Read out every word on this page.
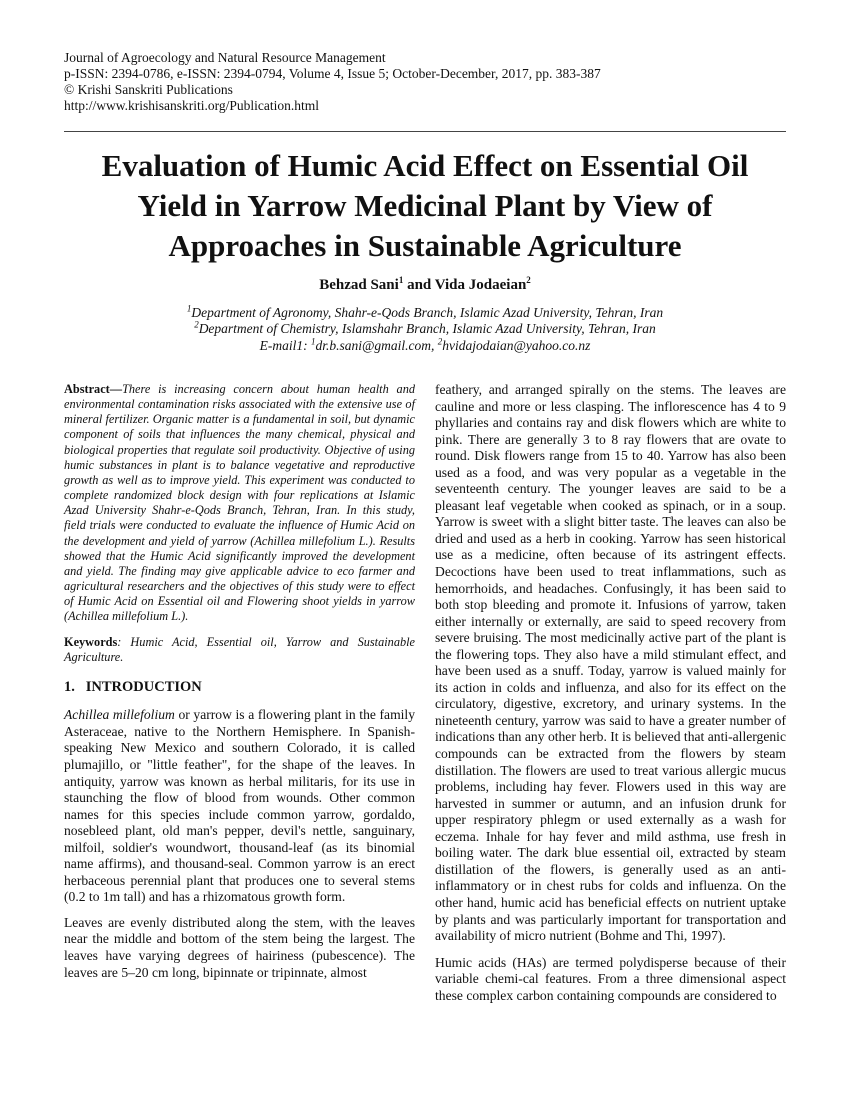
Journal of Agroecology and Natural Resource Management
p-ISSN: 2394-0786, e-ISSN: 2394-0794, Volume 4, Issue 5; October-December, 2017, pp. 383-387
© Krishi Sanskriti Publications
http://www.krishisanskriti.org/Publication.html
Evaluation of Humic Acid Effect on Essential Oil
Yield in Yarrow Medicinal Plant by View of
Approaches in Sustainable Agriculture
Behzad Sani$^1$ and Vida Jodaeian$^2$
$^1$Department of Agronomy, Shahr-e-Qods Branch, Islamic Azad University, Tehran, Iran
$^2$Department of Chemistry, Islamshahr Branch, Islamic Azad University, Tehran, Iran
E-mail1: $^1$dr.b.sani@gmail.com, $^2$hvidajodaian@yahoo.co.nz

Abstract—There is increasing concern about human health and environmental contamination risks associated with the extensive use of mineral fertilizer. Organic matter is a fundamental in soil, but dynamic component of soils that influences the many chemical, physical and biological properties that regulate soil productivity. Objective of using humic substances in plant is to balance vegetative and reproductive growth as well as to improve yield. This experiment was conducted to complete randomized block design with four replications at Islamic Azad University Shahr-e-Qods Branch, Tehran, Iran. In this study, field trials were conducted to evaluate the influence of Humic Acid on the development and yield of yarrow (Achillea millefolium L.). Results showed that the Humic Acid significantly improved the development and yield. The finding may give applicable advice to eco farmer and agricultural researchers and the objectives of this study were to effect of Humic Acid on Essential oil and Flowering shoot yields in yarrow (Achillea millefolium L.).

Keywords: Humic Acid, Essential oil, Yarrow and Sustainable Agriculture.

1.   INTRODUCTION

Achillea millefolium or yarrow is a flowering plant in the family Asteraceae, native to the Northern Hemisphere. In Spanish-speaking New Mexico and southern Colorado, it is called plumajillo, or "little feather", for the shape of the leaves. In antiquity, yarrow was known as herbal militaris, for its use in staunching the flow of blood from wounds. Other common names for this species include common yarrow, gordaldo, nosebleed plant, old man's pepper, devil's nettle, sanguinary, milfoil, soldier's woundwort, thousand-leaf (as its binomial name affirms), and thousand-seal. Common yarrow is an erect herbaceous perennial plant that produces one to several stems (0.2 to 1m tall) and has a rhizomatous growth form.

Leaves are evenly distributed along the stem, with the leaves near the middle and bottom of the stem being the largest. The leaves have varying degrees of hairiness (pubescence). The leaves are 5–20 cm long, bipinnate or tripinnate, almost

feathery, and arranged spirally on the stems. The leaves are cauline and more or less clasping. The inflorescence has 4 to 9 phyllaries and contains ray and disk flowers which are white to pink. There are generally 3 to 8 ray flowers that are ovate to round. Disk flowers range from 15 to 40. Yarrow has also been used as a food, and was very popular as a vegetable in the seventeenth century. The younger leaves are said to be a pleasant leaf vegetable when cooked as spinach, or in a soup. Yarrow is sweet with a slight bitter taste. The leaves can also be dried and used as a herb in cooking. Yarrow has seen historical use as a medicine, often because of its astringent effects. Decoctions have been used to treat inflammations, such as hemorrhoids, and headaches. Confusingly, it has been said to both stop bleeding and promote it. Infusions of yarrow, taken either internally or externally, are said to speed recovery from severe bruising. The most medicinally active part of the plant is the flowering tops. They also have a mild stimulant effect, and have been used as a snuff. Today, yarrow is valued mainly for its action in colds and influenza, and also for its effect on the circulatory, digestive, excretory, and urinary systems. In the nineteenth century, yarrow was said to have a greater number of indications than any other herb. It is believed that anti-allergenic compounds can be extracted from the flowers by steam distillation. The flowers are used to treat various allergic mucus problems, including hay fever. Flowers used in this way are harvested in summer or autumn, and an infusion drunk for upper respiratory phlegm or used externally as a wash for eczema. Inhale for hay fever and mild asthma, use fresh in boiling water. The dark blue essential oil, extracted by steam distillation of the flowers, is generally used as an anti-inflammatory or in chest rubs for colds and influenza. On the other hand, humic acid has beneficial effects on nutrient uptake by plants and was particularly important for transportation and availability of micro nutrient (Bohme and Thi, 1997).

Humic acids (HAs) are termed polydisperse because of their variable chemi-cal features. From a three dimensional aspect these complex carbon containing compounds are considered to
